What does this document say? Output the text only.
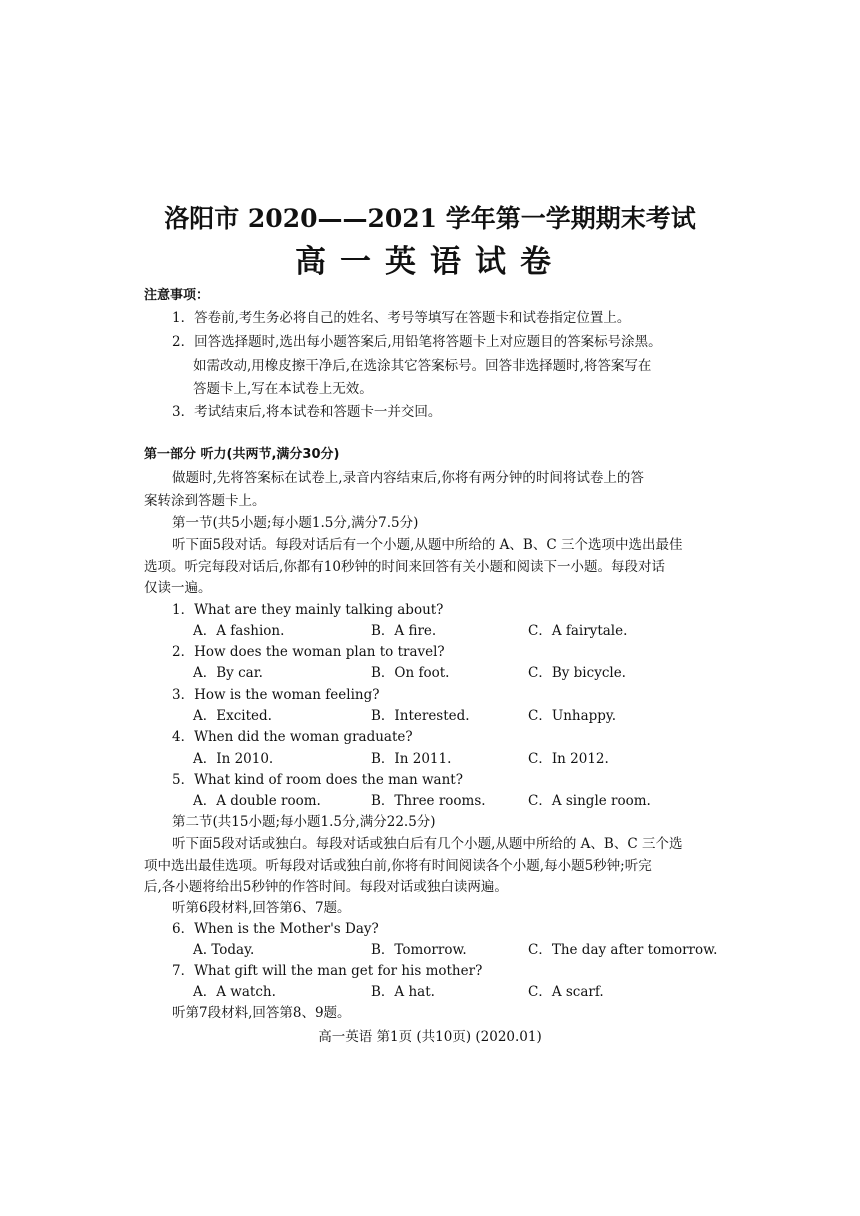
洛阳市 2020——2021 学年第一学期期末考试
高一英语试卷
注意事项：
1．答卷前,考生务必将自己的姓名、考号等填写在答题卡和试卷指定位置上。
2．回答选择题时,选出每小题答案后,用铅笔将答题卡上对应题目的答案标号涂黑。
如需改动,用橡皮擦干净后,在选涂其它答案标号。回答非选择题时,将答案写在
答题卡上,写在本试卷上无效。
3．考试结束后,将本试卷和答题卡一并交回。
第一部分 听力(共两节,满分30分)
做题时,先将答案标在试卷上,录音内容结束后,你将有两分钟的时间将试卷上的答
案转涂到答题卡上。
第一节(共5小题;每小题1.5分,满分7.5分)
听下面5段对话。每段对话后有一个小题,从题中所给的 A、B、C 三个选项中选出最佳
选项。听完每段对话后,你都有10秒钟的时间来回答有关小题和阅读下一小题。每段对话
仅读一遍。
1．What are they mainly talking about?
A．A fashion.	B．A fire.	C．A fairytale.
2．How does the woman plan to travel?
A．By car.	B．On foot.	C．By bicycle.
3．How is the woman feeling?
A．Excited.	B．Interested.	C．Unhappy.
4．When did the woman graduate?
A．In 2010.	B．In 2011.	C．In 2012.
5．What kind of room does the man want?
A．A double room.	B．Three rooms.	C．A single room.
第二节(共15小题;每小题1.5分,满分22.5分)
听下面5段对话或独白。每段对话或独白后有几个小题,从题中所给的 A、B、C 三个选
项中选出最佳选项。听每段对话或独白前,你将有时间阅读各个小题,每小题5秒钟;听完
后,各小题将给出5秒钟的作答时间。每段对话或独白读两遍。
听第6段材料,回答第6、7题。
6．When is the Mother's Day?
A. Today.	B．Tomorrow.	C．The day after tomorrow.
7．What gift will the man get for his mother?
A．A watch.	B．A hat.	C．A scarf.
听第7段材料,回答第8、9题。
高一英语 第1页 (共10页) (2020.01)
